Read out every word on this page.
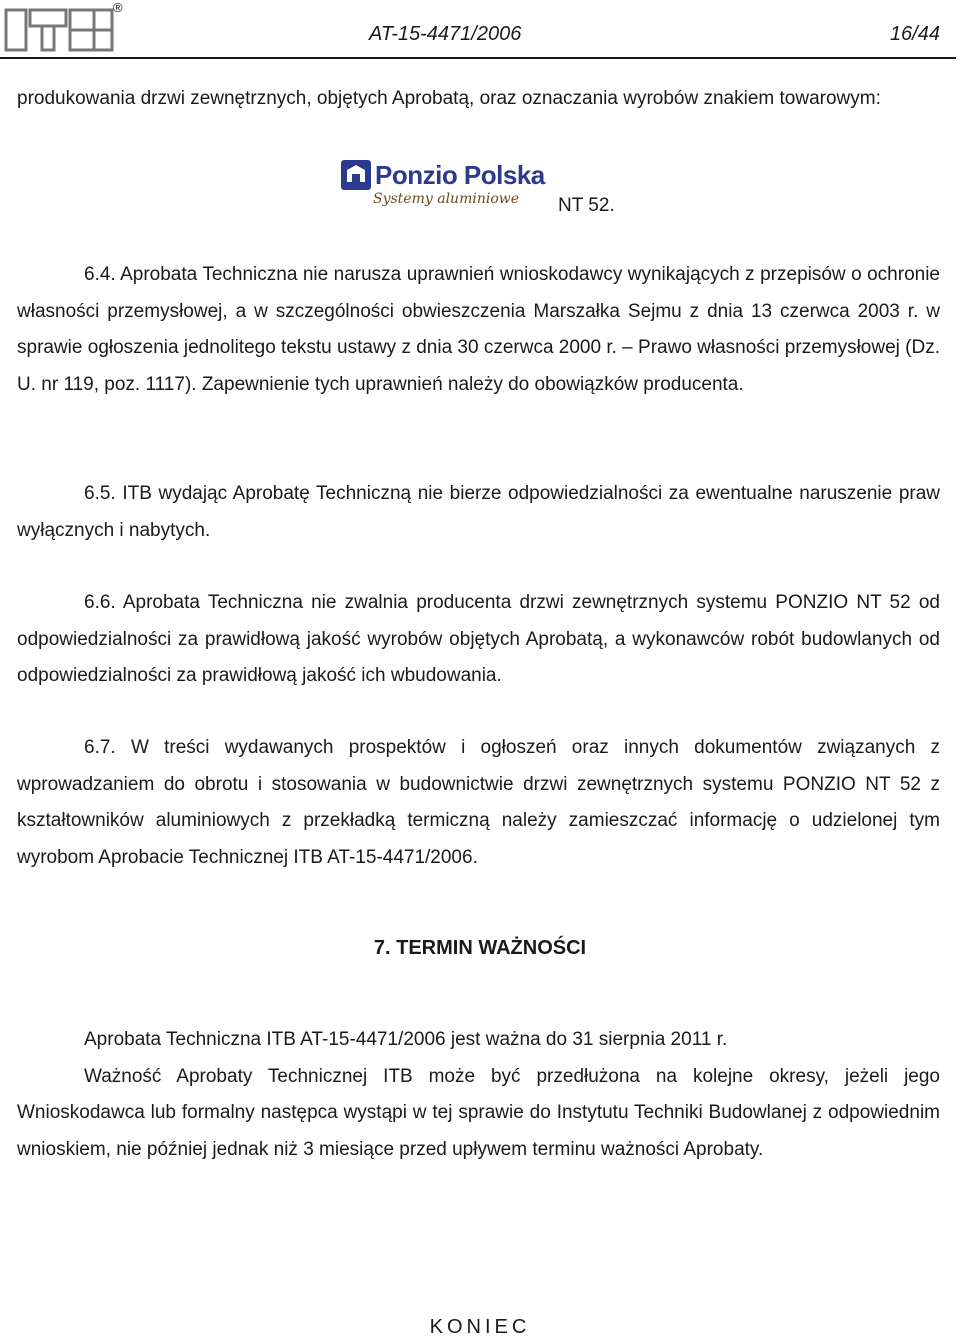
®
AT-15-4471/2006	16/44
produkowania drzwi zewnętrznych, objętych Aprobatą, oraz oznaczania wyrobów znakiem towarowym:
Ponzio Polska
Systemy aluminiowe NT 52.
6.4. Aprobata Techniczna nie narusza uprawnień wnioskodawcy wynikających z przepisów o ochronie własności przemysłowej, a w szczególności obwieszczenia Marszałka Sejmu z dnia 13 czerwca 2003 r. w sprawie ogłoszenia jednolitego tekstu ustawy z dnia 30 czerwca 2000 r. – Prawo własności przemysłowej (Dz. U. nr 119, poz. 1117). Zapewnienie tych uprawnień należy do obowiązków producenta.
6.5. ITB wydając Aprobatę Techniczną nie bierze odpowiedzialności za ewentualne naruszenie praw wyłącznych i nabytych.
6.6. Aprobata Techniczna nie zwalnia producenta drzwi zewnętrznych systemu PONZIO NT 52 od odpowiedzialności za prawidłową jakość wyrobów objętych Aprobatą, a wykonawców robót budowlanych od odpowiedzialności za prawidłową jakość ich wbudowania.
6.7. W treści wydawanych prospektów i ogłoszeń oraz innych dokumentów związanych z wprowadzaniem do obrotu i stosowania w budownictwie drzwi zewnętrznych systemu PONZIO NT 52 z kształtowników aluminiowych z przekładką termiczną należy zamieszczać informację o udzielonej tym wyrobom Aprobacie Technicznej ITB AT-15-4471/2006.
7. TERMIN WAŻNOŚCI
Aprobata Techniczna ITB AT-15-4471/2006 jest ważna do 31 sierpnia 2011 r.
Ważność Aprobaty Technicznej ITB może być przedłużona na kolejne okresy, jeżeli jego Wnioskodawca lub formalny następca wystąpi w tej sprawie do Instytutu Techniki Budowlanej z odpowiednim wnioskiem, nie później jednak niż 3 miesiące przed upływem terminu ważności Aprobaty.
KONIEC
